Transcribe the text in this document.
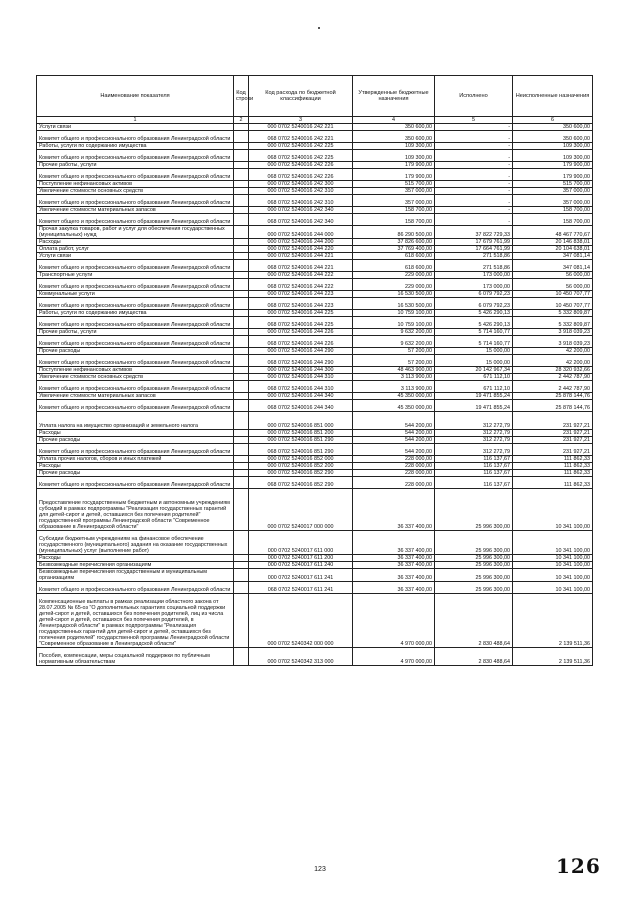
Наименование показателя	Код строки	Код расхода по бюджетной классификации	Утвержденные бюджетные назначения	Исполнено	Неисполненные назначения
1	2	3	4	5	6
Услуги связи		000 0702 5240016 242 221	350 600,00	-	350 600,00
Комитет общего и профессионального образования Ленинградской области		068 0702 5240016 242 221	350 600,00	-	350 600,00
Работы, услуги по содержанию имущества		000 0702 5240016 242 225	109 300,00	-	109 300,00
Комитет общего и профессионального образования Ленинградской области		068 0702 5240016 242 225	109 300,00	-	109 300,00
Прочие работы, услуги		000 0702 5240016 242 226	179 900,00	-	179 900,00
Комитет общего и профессионального образования Ленинградской области		068 0702 5240016 242 226	179 900,00	-	179 900,00
Поступление нефинансовых активов		000 0702 5240016 242 300	515 700,00	-	515 700,00
Увеличение стоимости основных средств		000 0702 5240016 242 310	357 000,00	-	357 000,00
Комитет общего и профессионального образования Ленинградской области		068 0702 5240016 242 310	357 000,00	-	357 000,00
Увеличение стоимости материальных запасов		000 0702 5240016 242 340	158 700,00	-	158 700,00
Комитет общего и профессионального образования Ленинградской области		068 0702 5240016 242 340	158 700,00	-	158 700,00
Прочая закупка товаров, работ и услуг для обеспечения государственных (муниципальных) нужд		000 0702 5240016 244 000	86 290 500,00	37 822 729,33	48 467 770,67
Расходы		000 0702 5240016 244 200	37 826 600,00	17 679 761,99	20 146 838,01
Оплата работ, услуг		000 0702 5240016 244 220	37 769 400,00	17 664 761,99	20 104 638,01
Услуги связи		000 0702 5240016 244 221	618 600,00	271 518,86	347 081,14
Комитет общего и профессионального образования Ленинградской области		068 0702 5240016 244 221	618 600,00	271 518,86	347 081,14
Транспортные услуги		000 0702 5240016 244 222	229 000,00	173 000,00	56 000,00
Комитет общего и профессионального образования Ленинградской области		068 0702 5240016 244 222	229 000,00	173 000,00	56 000,00
Коммунальные услуги		000 0702 5240016 244 223	16 530 500,00	6 079 792,23	10 450 707,77
Комитет общего и профессионального образования Ленинградской области		068 0702 5240016 244 223	16 530 500,00	6 079 792,23	10 450 707,77
Работы, услуги по содержанию имущества		000 0702 5240016 244 225	10 759 100,00	5 426 290,13	5 332 809,87
Комитет общего и профессионального образования Ленинградской области		068 0702 5240016 244 225	10 759 100,00	5 426 290,13	5 332 809,87
Прочие работы, услуги		000 0702 5240016 244 226	9 632 200,00	5 714 160,77	3 918 039,23
Комитет общего и профессионального образования Ленинградской области		068 0702 5240016 244 226	9 632 200,00	5 714 160,77	3 918 039,23
Прочие расходы		000 0702 5240016 244 290	57 200,00	15 000,00	42 200,00
Комитет общего и профессионального образования Ленинградской области		068 0702 5240016 244 290	57 200,00	15 000,00	42 200,00
Поступление нефинансовых активов		000 0702 5240016 244 300	48 463 900,00	20 142 967,34	28 320 932,66
Увеличение стоимости основных средств		000 0702 5240016 244 310	3 113 900,00	671 112,10	2 442 787,90
Комитет общего и профессионального образования Ленинградской области		068 0702 5240016 244 310	3 113 900,00	671 112,10	2 442 787,90
Увеличение стоимости материальных запасов		000 0702 5240016 244 340	45 350 000,00	19 471 855,24	25 878 144,76
Комитет общего и профессионального образования Ленинградской области		068 0702 5240016 244 340	45 350 000,00	19 471 855,24	25 878 144,76
Уплата налога на имущество организаций и земельного налога		000 0702 5240016 851 000	544 200,00	312 272,79	231 927,21
Расходы		000 0702 5240016 851 200	544 200,00	312 272,79	231 927,21
Прочие расходы		000 0702 5240016 851 290	544 200,00	312 272,79	231 927,21
Комитет общего и профессионального образования Ленинградской области		068 0702 5240016 851 290	544 200,00	312 272,79	231 927,21
Уплата прочих налогов, сборов и иных платежей		000 0702 5240016 852 000	228 000,00	116 137,67	111 862,33
Расходы		000 0702 5240016 852 200	228 000,00	116 137,67	111 862,33
Прочие расходы		000 0702 5240016 852 290	228 000,00	116 137,67	111 862,33
Комитет общего и профессионального образования Ленинградской области		068 0702 5240016 852 290	228 000,00	116 137,67	111 862,33
Предоставление государственным бюджетным и автономным учреждениям субсидий в рамках подпрограммы "Реализация государственных гарантий для детей-сирот и детей, оставшихся без попечения родителей" государственной программы Ленинградской области "Современное образование в Ленинградской области"		000 0702 5240017 000 000	36 337 400,00	25 996 300,00	10 341 100,00
Субсидии бюджетным учреждениям на финансовое обеспечение государственного (муниципального) задания на оказание государственных (муниципальных) услуг (выполнение работ)		000 0702 5240017 611 000	36 337 400,00	25 996 300,00	10 341 100,00
Расходы		000 0702 5240017 611 200	36 337 400,00	25 996 300,00	10 341 100,00
Безвозмездные перечисления организациям		000 0702 5240017 611 240	36 337 400,00	25 996 300,00	10 341 100,00
Безвозмездные перечисления государственным и муниципальным организациям		000 0702 5240017 611 241	36 337 400,00	25 996 300,00	10 341 100,00
Комитет общего и профессионального образования Ленинградской области		068 0702 5240017 611 241	36 337 400,00	25 996 300,00	10 341 100,00
Компенсационные выплаты в рамках реализации областного закона от 28.07.2005 № 65-оз "О дополнительных гарантиях социальной поддержки детей-сирот и детей, оставшихся без попечения родителей, лиц из числа детей-сирот и детей, оставшихся без попечения родителей, в Ленинградской области" в рамках подпрограммы "Реализация государственных гарантий для детей-сирот и детей, оставшихся без попечения родителей" государственной программы Ленинградской области "Современное образование в Ленинградской области"		000 0702 5240342 000 000	4 970 000,00	2 830 488,64	2 139 511,36
Пособия, компенсации, меры социальной поддержки по публичным нормативным обязательствам		000 0702 5240342 313 000	4 970 000,00	2 830 488,64	2 139 511,36
123	126
